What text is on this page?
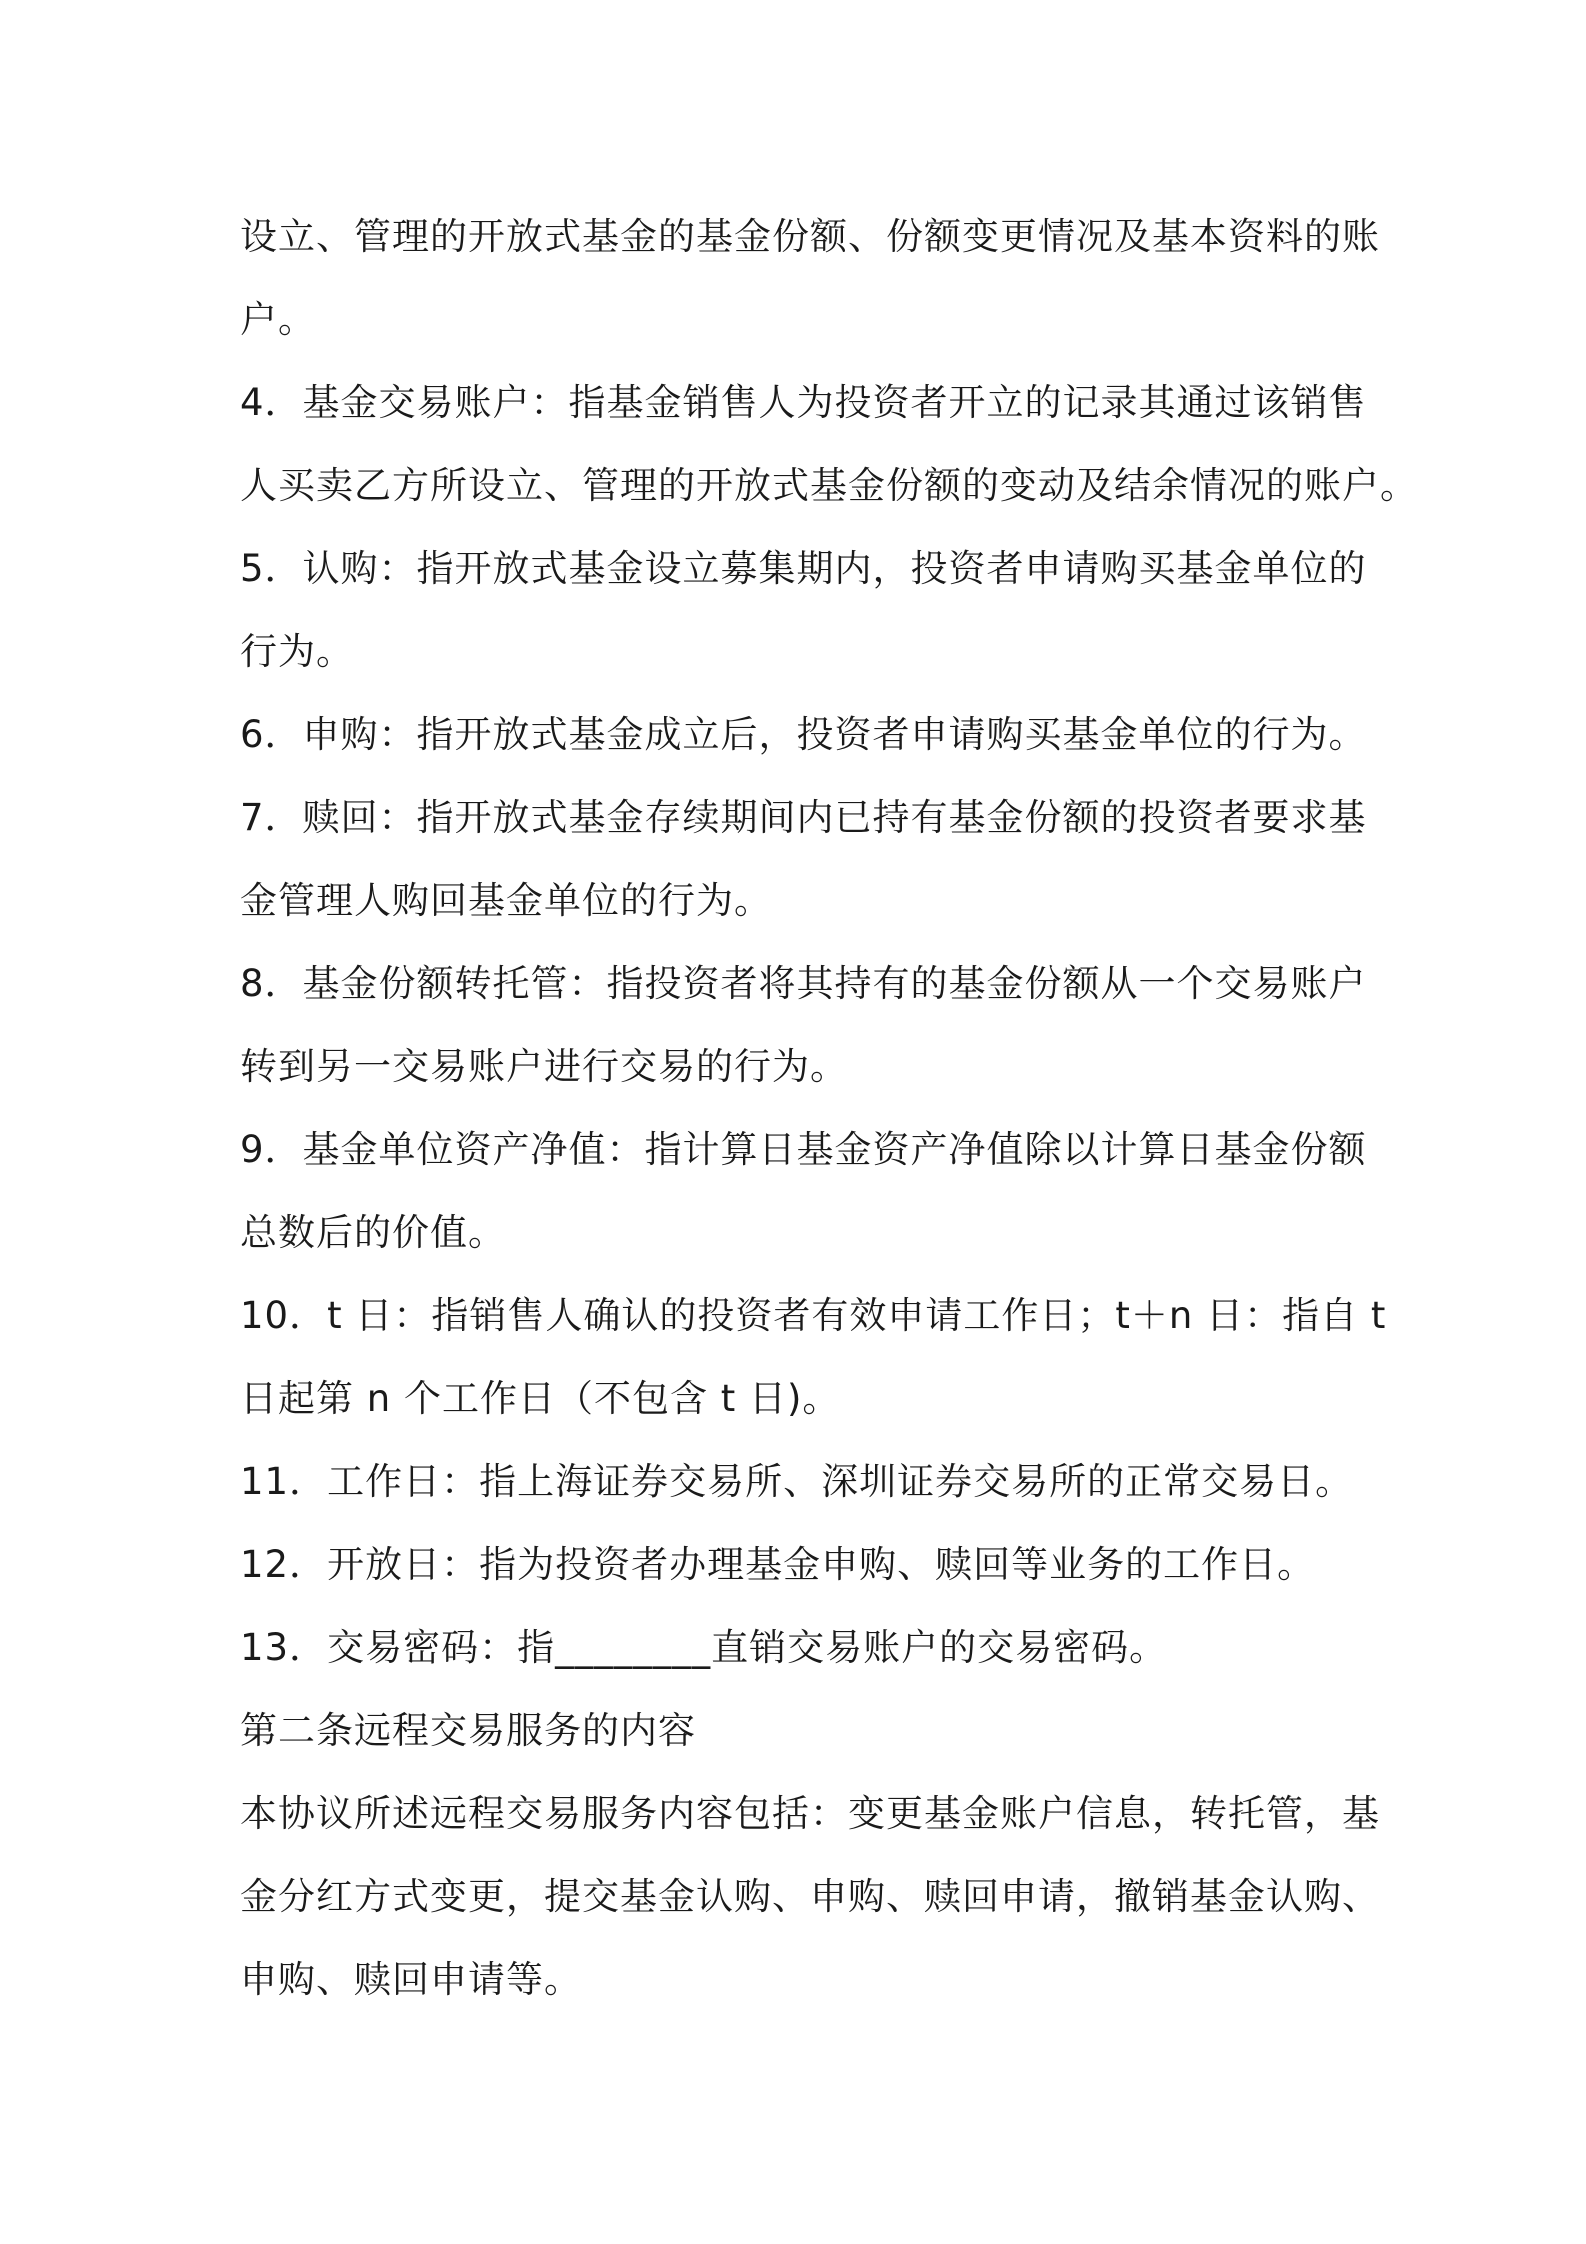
设立、管理的开放式基金的基金份额、份额变更情况及基本资料的账
户。
4．基金交易账户：指基金销售人为投资者开立的记录其通过该销售
人买卖乙方所设立、管理的开放式基金份额的变动及结余情况的账户。
5．认购：指开放式基金设立募集期内，投资者申请购买基金单位的
行为。
6．申购：指开放式基金成立后，投资者申请购买基金单位的行为。
7．赎回：指开放式基金存续期间内已持有基金份额的投资者要求基
金管理人购回基金单位的行为。
8．基金份额转托管：指投资者将其持有的基金份额从一个交易账户
转到另一交易账户进行交易的行为。
9．基金单位资产净值：指计算日基金资产净值除以计算日基金份额
总数后的价值。
10．t 日：指销售人确认的投资者有效申请工作日；t＋n 日：指自 t
日起第 n 个工作日（不包含 t 日)。
11．工作日：指上海证券交易所、深圳证券交易所的正常交易日。
12．开放日：指为投资者办理基金申购、赎回等业务的工作日。
13．交易密码：指________直销交易账户的交易密码。
第二条远程交易服务的内容
本协议所述远程交易服务内容包括：变更基金账户信息，转托管，基
金分红方式变更，提交基金认购、申购、赎回申请，撤销基金认购、
申购、赎回申请等。
